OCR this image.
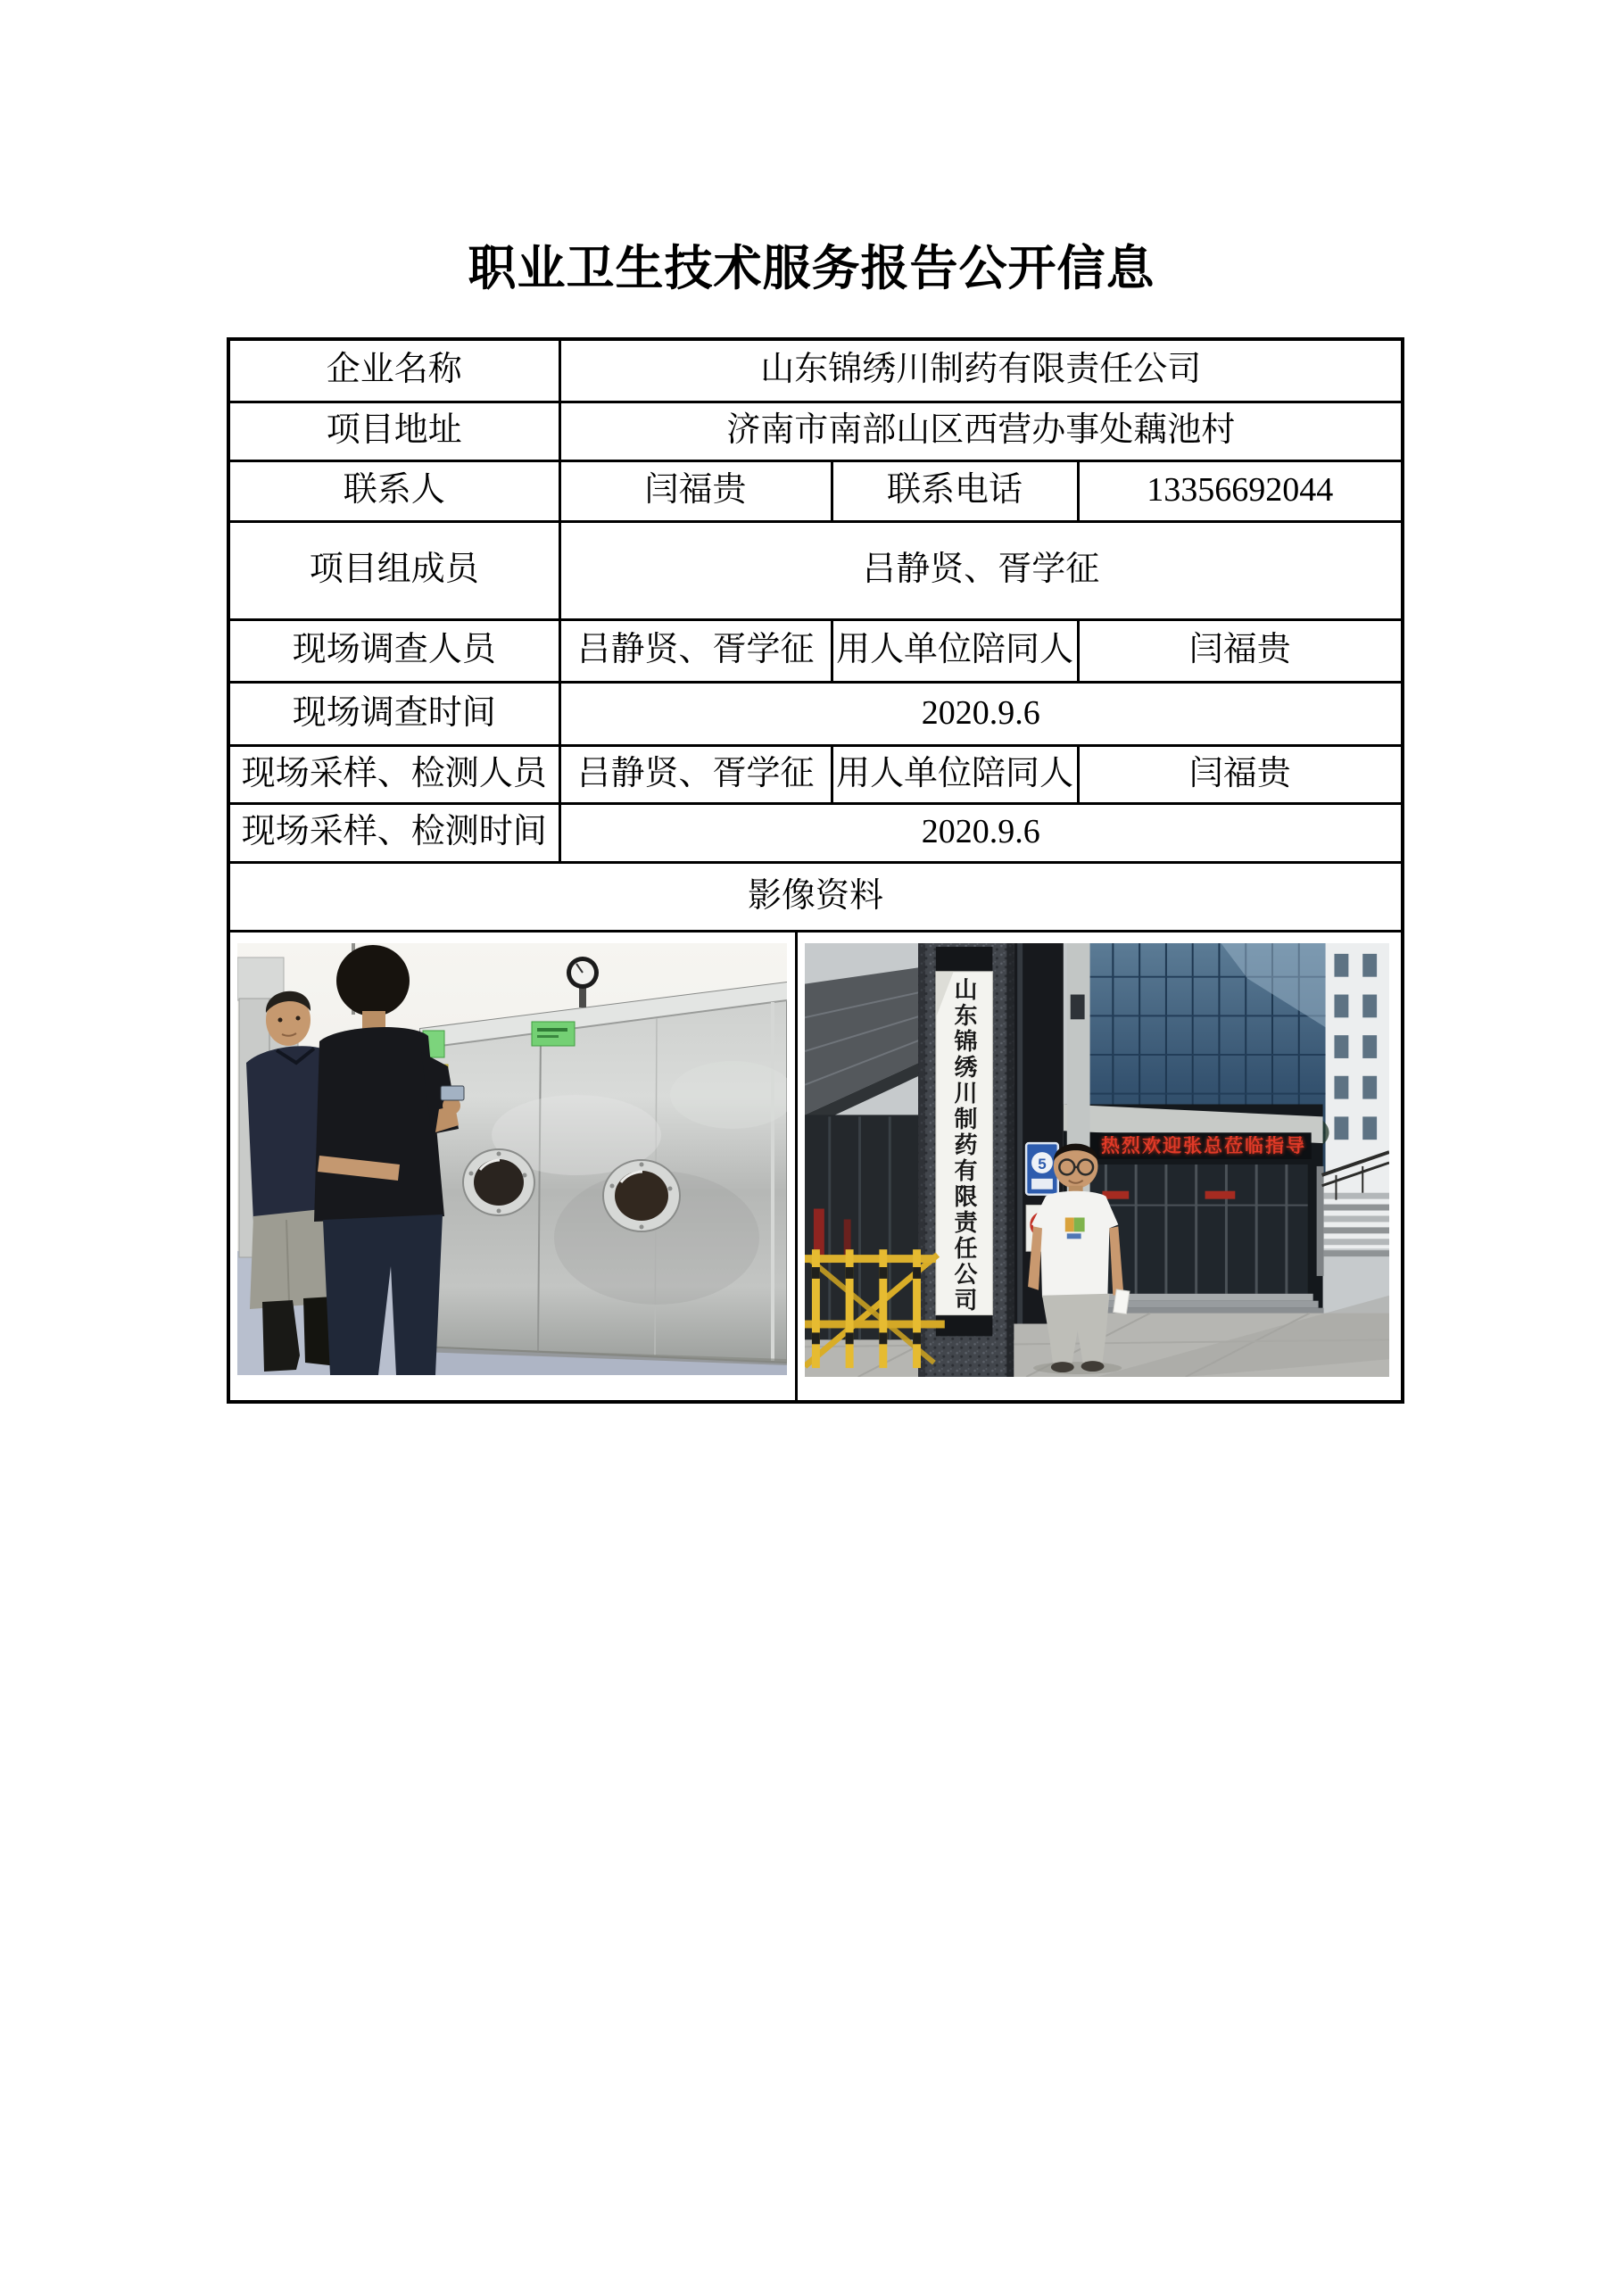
职业卫生技术服务报告公开信息
企业名称	山东锦绣川制药有限责任公司		
项目地址	济南市南部山区西营办事处藕池村		
联系人	闫福贵	联系电话	13356692044
项目组成员	吕静贤、胥学征		
现场调查人员	吕静贤、胥学征	用人单位陪同人	闫福贵
现场调查时间	2020.9.6		
现场采样、检测人员	吕静贤、胥学征	用人单位陪同人	闫福贵
现场采样、检测时间	2020.9.6		
影像资料			

山东锦绣川制药有限责任公司 热烈欢迎张总莅临指导
5			
